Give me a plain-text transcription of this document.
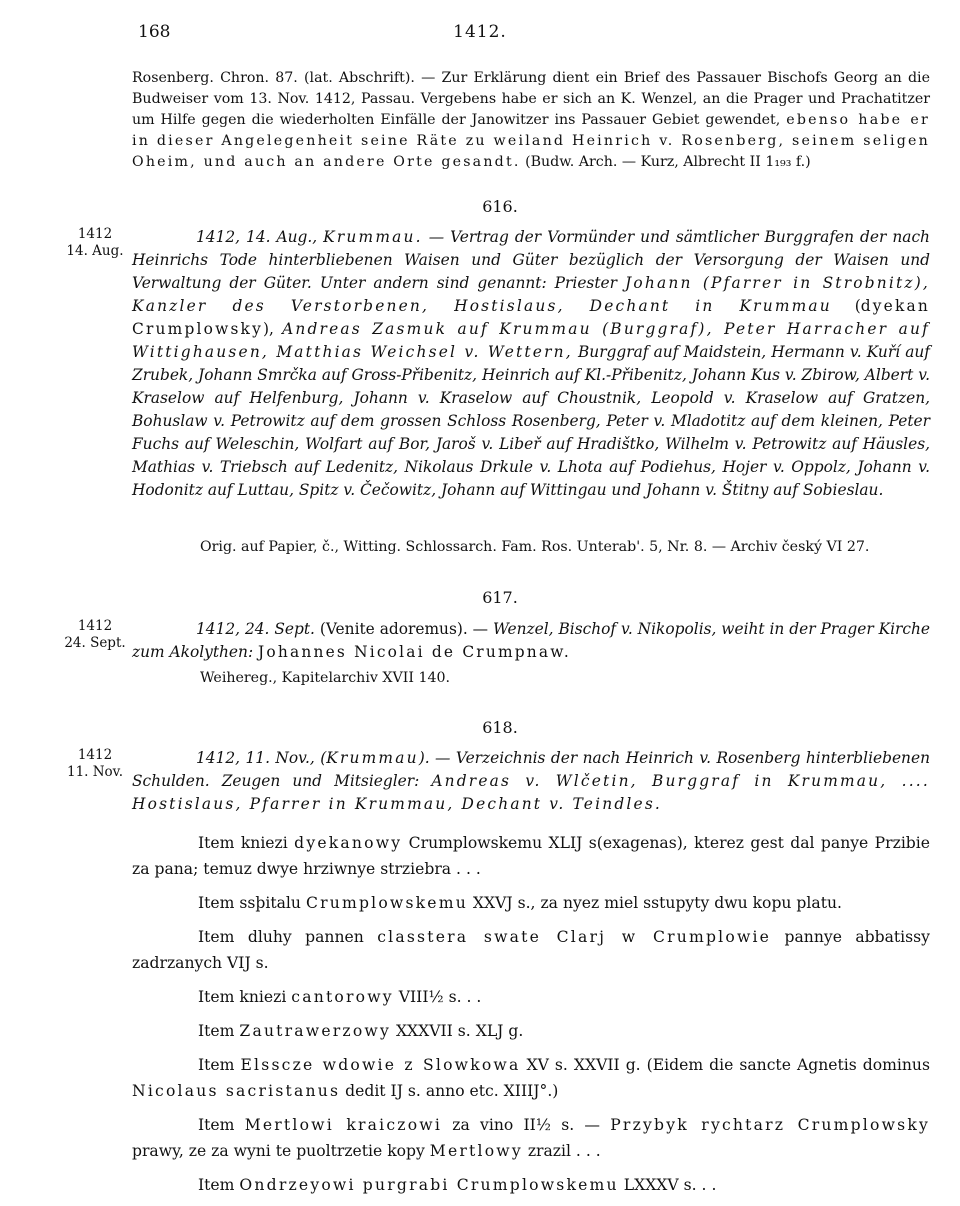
168	1412.
Rosenberg. Chron. 87. (lat. Abschrift). — Zur Erklärung dient ein Brief des Passauer Bischofs Georg an die Budweiser vom 13. Nov. 1412, Passau. Vergebens habe er sich an K. Wenzel, an die Prager und Prachatitzer um Hilfe gegen die wiederholten Einfälle der Janowitzer ins Passauer Gebiet gewendet, ebenso habe er in dieser Angelegenheit seine Räte zu weiland Heinrich v. Rosenberg, seinem seligen Oheim, und auch an andere Orte gesandt. (Budw. Arch. — Kurz, Albrecht II 1₁₉₃ f.)
616.
1412
14. Aug.
1412, 14. Aug., Krummau. — Vertrag der Vormünder und sämtlicher Burggrafen der nach Heinrichs Tode hinterbliebenen Waisen und Güter bezüglich der Versorgung der Waisen und Verwaltung der Güter. Unter andern sind genannt: Priester Johann (Pfarrer in Strobnitz), Kanzler des Verstorbenen, Hostislaus, Dechant in Krummau (dyekan Crumplowsky), Andreas Zasmuk auf Krummau (Burggraf), Peter Harracher auf Wittighausen, Matthias Weichsel v. Wettern, Burggraf auf Maidstein, Hermann v. Kuří auf Zrubek, Johann Smrčka auf Gross-Přibenitz, Heinrich auf Kl.-Přibenitz, Johann Kus v. Zbirow, Albert v. Kraselow auf Helfenburg, Johann v. Kraselow auf Choustnik, Leopold v. Kraselow auf Gratzen, Bohuslaw v. Petrowitz auf dem grossen Schloss Rosenberg, Peter v. Mladotitz auf dem kleinen, Peter Fuchs auf Weleschin, Wolfart auf Bor, Jaroš v. Libeř auf Hradištko, Wilhelm v. Petrowitz auf Häusles, Mathias v. Triebsch auf Ledenitz, Nikolaus Drkule v. Lhota auf Podiehus, Hojer v. Oppolz, Johann v. Hodonitz auf Luttau, Spitz v. Čečowitz, Johann auf Wittingau und Johann v. Štitny auf Sobieslau.
Orig. auf Papier, č., Witting. Schlossarch. Fam. Ros. Unterab'. 5, Nr. 8. — Archiv český VI 27.
617.
1412
24. Sept.
1412, 24. Sept. (Venite adoremus). — Wenzel, Bischof v. Nikopolis, weiht in der Prager Kirche zum Akolythen: Johannes Nicolai de Crumpnaw.
Weihereg., Kapitelarchiv XVII 140.
618.
1412
11. Nov.
1412, 11. Nov., (Krummau). — Verzeichnis der nach Heinrich v. Rosenberg hinterbliebenen Schulden. Zeugen und Mitsiegler: Andreas v. Wlčetin, Burggraf in Krummau, .... Hostislaus, Pfarrer in Krummau, Dechant v. Teindles.
Item kniezi dyekanowy Crumplowskemu XLIJ s(exagenas), kterez gest dal panye Przibie za pana; temuz dwye hrziwnye strziebra . . .
Item ssþitalu Crumplowskemu XXVJ s., za nyez miel sstupyty dwu kopu platu.
Item dluhy pannen classtera swate Clarj w Crumplowie pannye abbatissy zadrzanych VIJ s.
Item kniezi cantorowy VIII½ s. . .
Item Zautrawerzowy XXXVII s. XLJ g.
Item Elsscze wdowie z Slowkowa XV s. XXVII g. (Eidem die sancte Agnetis dominus Nicolaus sacristanus dedit IJ s. anno etc. XIIIJ°.)
Item Mertlowi kraiczowi za vino II½ s. — Przybyk rychtarz Crumplowsky prawy, ze za wyni te puoltrzetie kopy Mertlowy zrazil . . .
Item Ondrzeyowi purgrabi Crumplowskemu LXXXV s. . .
